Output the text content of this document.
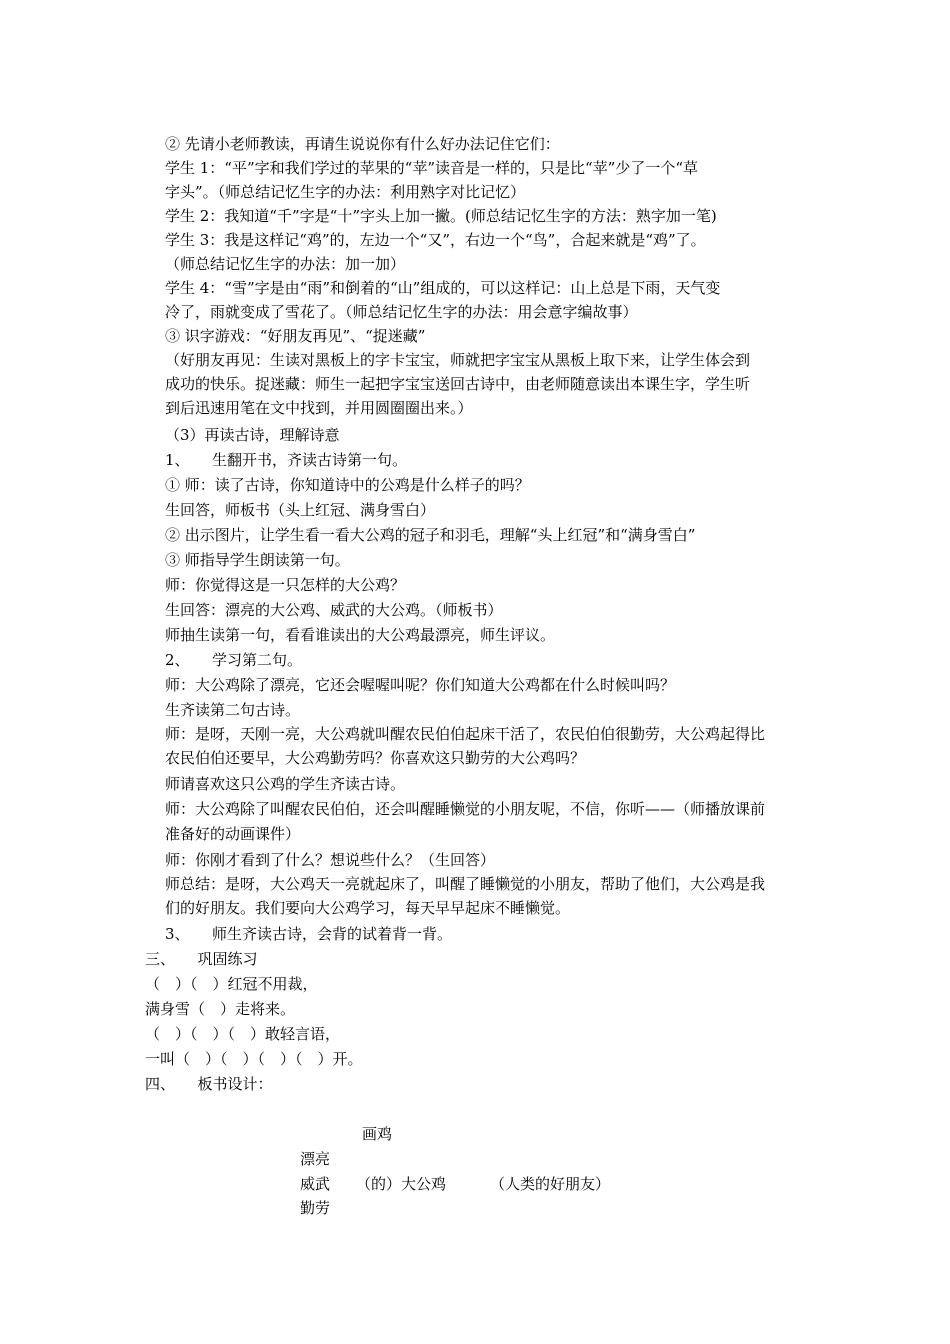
② 先请小老师教读，再请生说说你有什么好办法记住它们：
学生 1：“平”字和我们学过的苹果的“苹”读音是一样的，只是比“苹”少了一个“草
字头”。（师总结记忆生字的办法：利用熟字对比记忆）
学生 2：我知道“千”字是“十”字头上加一撇。(师总结记忆生字的方法：熟字加一笔)
学生 3：我是这样记“鸡”的，左边一个“又”，右边一个“鸟”，合起来就是“鸡”了。
（师总结记忆生字的办法：加一加）
学生 4：“雪”字是由“雨”和倒着的“山”组成的，可以这样记：山上总是下雨，天气变
冷了，雨就变成了雪花了。（师总结记忆生字的办法：用会意字编故事）
③ 识字游戏：“好朋友再见”、“捉迷藏”
（好朋友再见：生读对黑板上的字卡宝宝，师就把字宝宝从黑板上取下来，让学生体会到
成功的快乐。捉迷藏：师生一起把字宝宝送回古诗中，由老师随意读出本课生字，学生听
到后迅速用笔在文中找到，并用圆圈圈出来。）
（3）再读古诗，理解诗意
1、　　生翻开书，齐读古诗第一句。
① 师：读了古诗，你知道诗中的公鸡是什么样子的吗？
生回答，师板书（头上红冠、满身雪白）
② 出示图片，让学生看一看大公鸡的冠子和羽毛，理解“头上红冠”和“满身雪白”
③ 师指导学生朗读第一句。
师：你觉得这是一只怎样的大公鸡？
生回答：漂亮的大公鸡、威武的大公鸡。（师板书）
师抽生读第一句，看看谁读出的大公鸡最漂亮，师生评议。
2、　　学习第二句。
师：大公鸡除了漂亮，它还会喔喔叫呢？你们知道大公鸡都在什么时候叫吗？
生齐读第二句古诗。
师：是呀，天刚一亮，大公鸡就叫醒农民伯伯起床干活了，农民伯伯很勤劳，大公鸡起得比
农民伯伯还要早，大公鸡勤劳吗？你喜欢这只勤劳的大公鸡吗？
师请喜欢这只公鸡的学生齐读古诗。
师：大公鸡除了叫醒农民伯伯，还会叫醒睡懒觉的小朋友呢，不信，你听——（师播放课前
准备好的动画课件）
师：你刚才看到了什么？想说些什么？（生回答）
师总结：是呀，大公鸡天一亮就起床了，叫醒了睡懒觉的小朋友，帮助了他们，大公鸡是我
们的好朋友。我们要向大公鸡学习，每天早早起床不睡懒觉。
3、　　师生齐读古诗，会背的试着背一背。
三、　　巩固练习
（　）（　）红冠不用裁，
满身雪（　）走将来。
（　）（　）（　）敢轻言语，
一叫（　）（　）（　）（　）开。
四、　　板书设计：
画鸡
漂亮
威武 （的）大公鸡	（人类的好朋友）
勤劳
